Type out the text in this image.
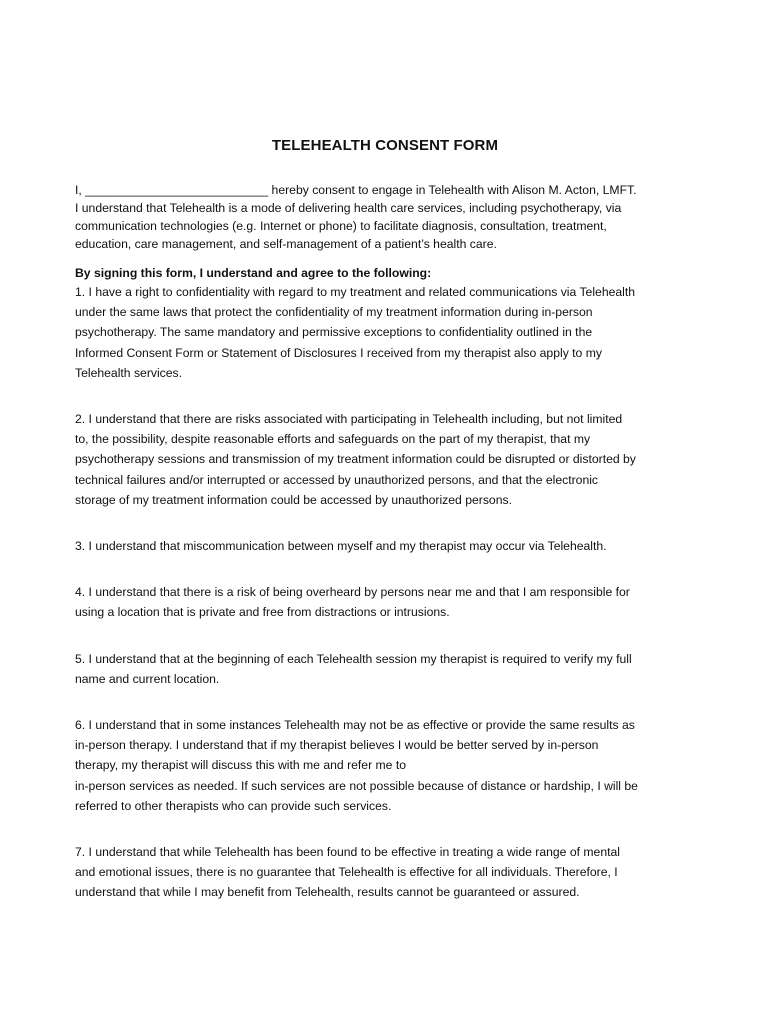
TELEHEALTH CONSENT FORM
I, ___________________________ hereby consent to engage in Telehealth with Alison M. Acton, LMFT.
I understand that Telehealth is a mode of delivering health care services, including psychotherapy, via
communication technologies (e.g. Internet or phone) to facilitate diagnosis, consultation, treatment,
education, care management, and self-management of a patient’s health care.
By signing this form, I understand and agree to the following:
1. I have a right to confidentiality with regard to my treatment and related communications via Telehealth
under the same laws that protect the confidentiality of my treatment information during in-person
psychotherapy. The same mandatory and permissive exceptions to confidentiality outlined in the
Informed Consent Form or Statement of Disclosures I received from my therapist also apply to my
Telehealth services.
2. I understand that there are risks associated with participating in Telehealth including, but not limited
to, the possibility, despite reasonable efforts and safeguards on the part of my therapist, that my
psychotherapy sessions and transmission of my treatment information could be disrupted or distorted by
technical failures and/or interrupted or accessed by unauthorized persons, and that the electronic
storage of my treatment information could be accessed by unauthorized persons.
3. I understand that miscommunication between myself and my therapist may occur via Telehealth.
4. I understand that there is a risk of being overheard by persons near me and that I am responsible for
using a location that is private and free from distractions or intrusions.
5. I understand that at the beginning of each Telehealth session my therapist is required to verify my full
name and current location.
6. I understand that in some instances Telehealth may not be as effective or provide the same results as
in-person therapy. I understand that if my therapist believes I would be better served by in-person
therapy, my therapist will discuss this with me and refer me to
in-person services as needed. If such services are not possible because of distance or hardship, I will be
referred to other therapists who can provide such services.
7. I understand that while Telehealth has been found to be effective in treating a wide range of mental
and emotional issues, there is no guarantee that Telehealth is effective for all individuals. Therefore, I
understand that while I may benefit from Telehealth, results cannot be guaranteed or assured.
